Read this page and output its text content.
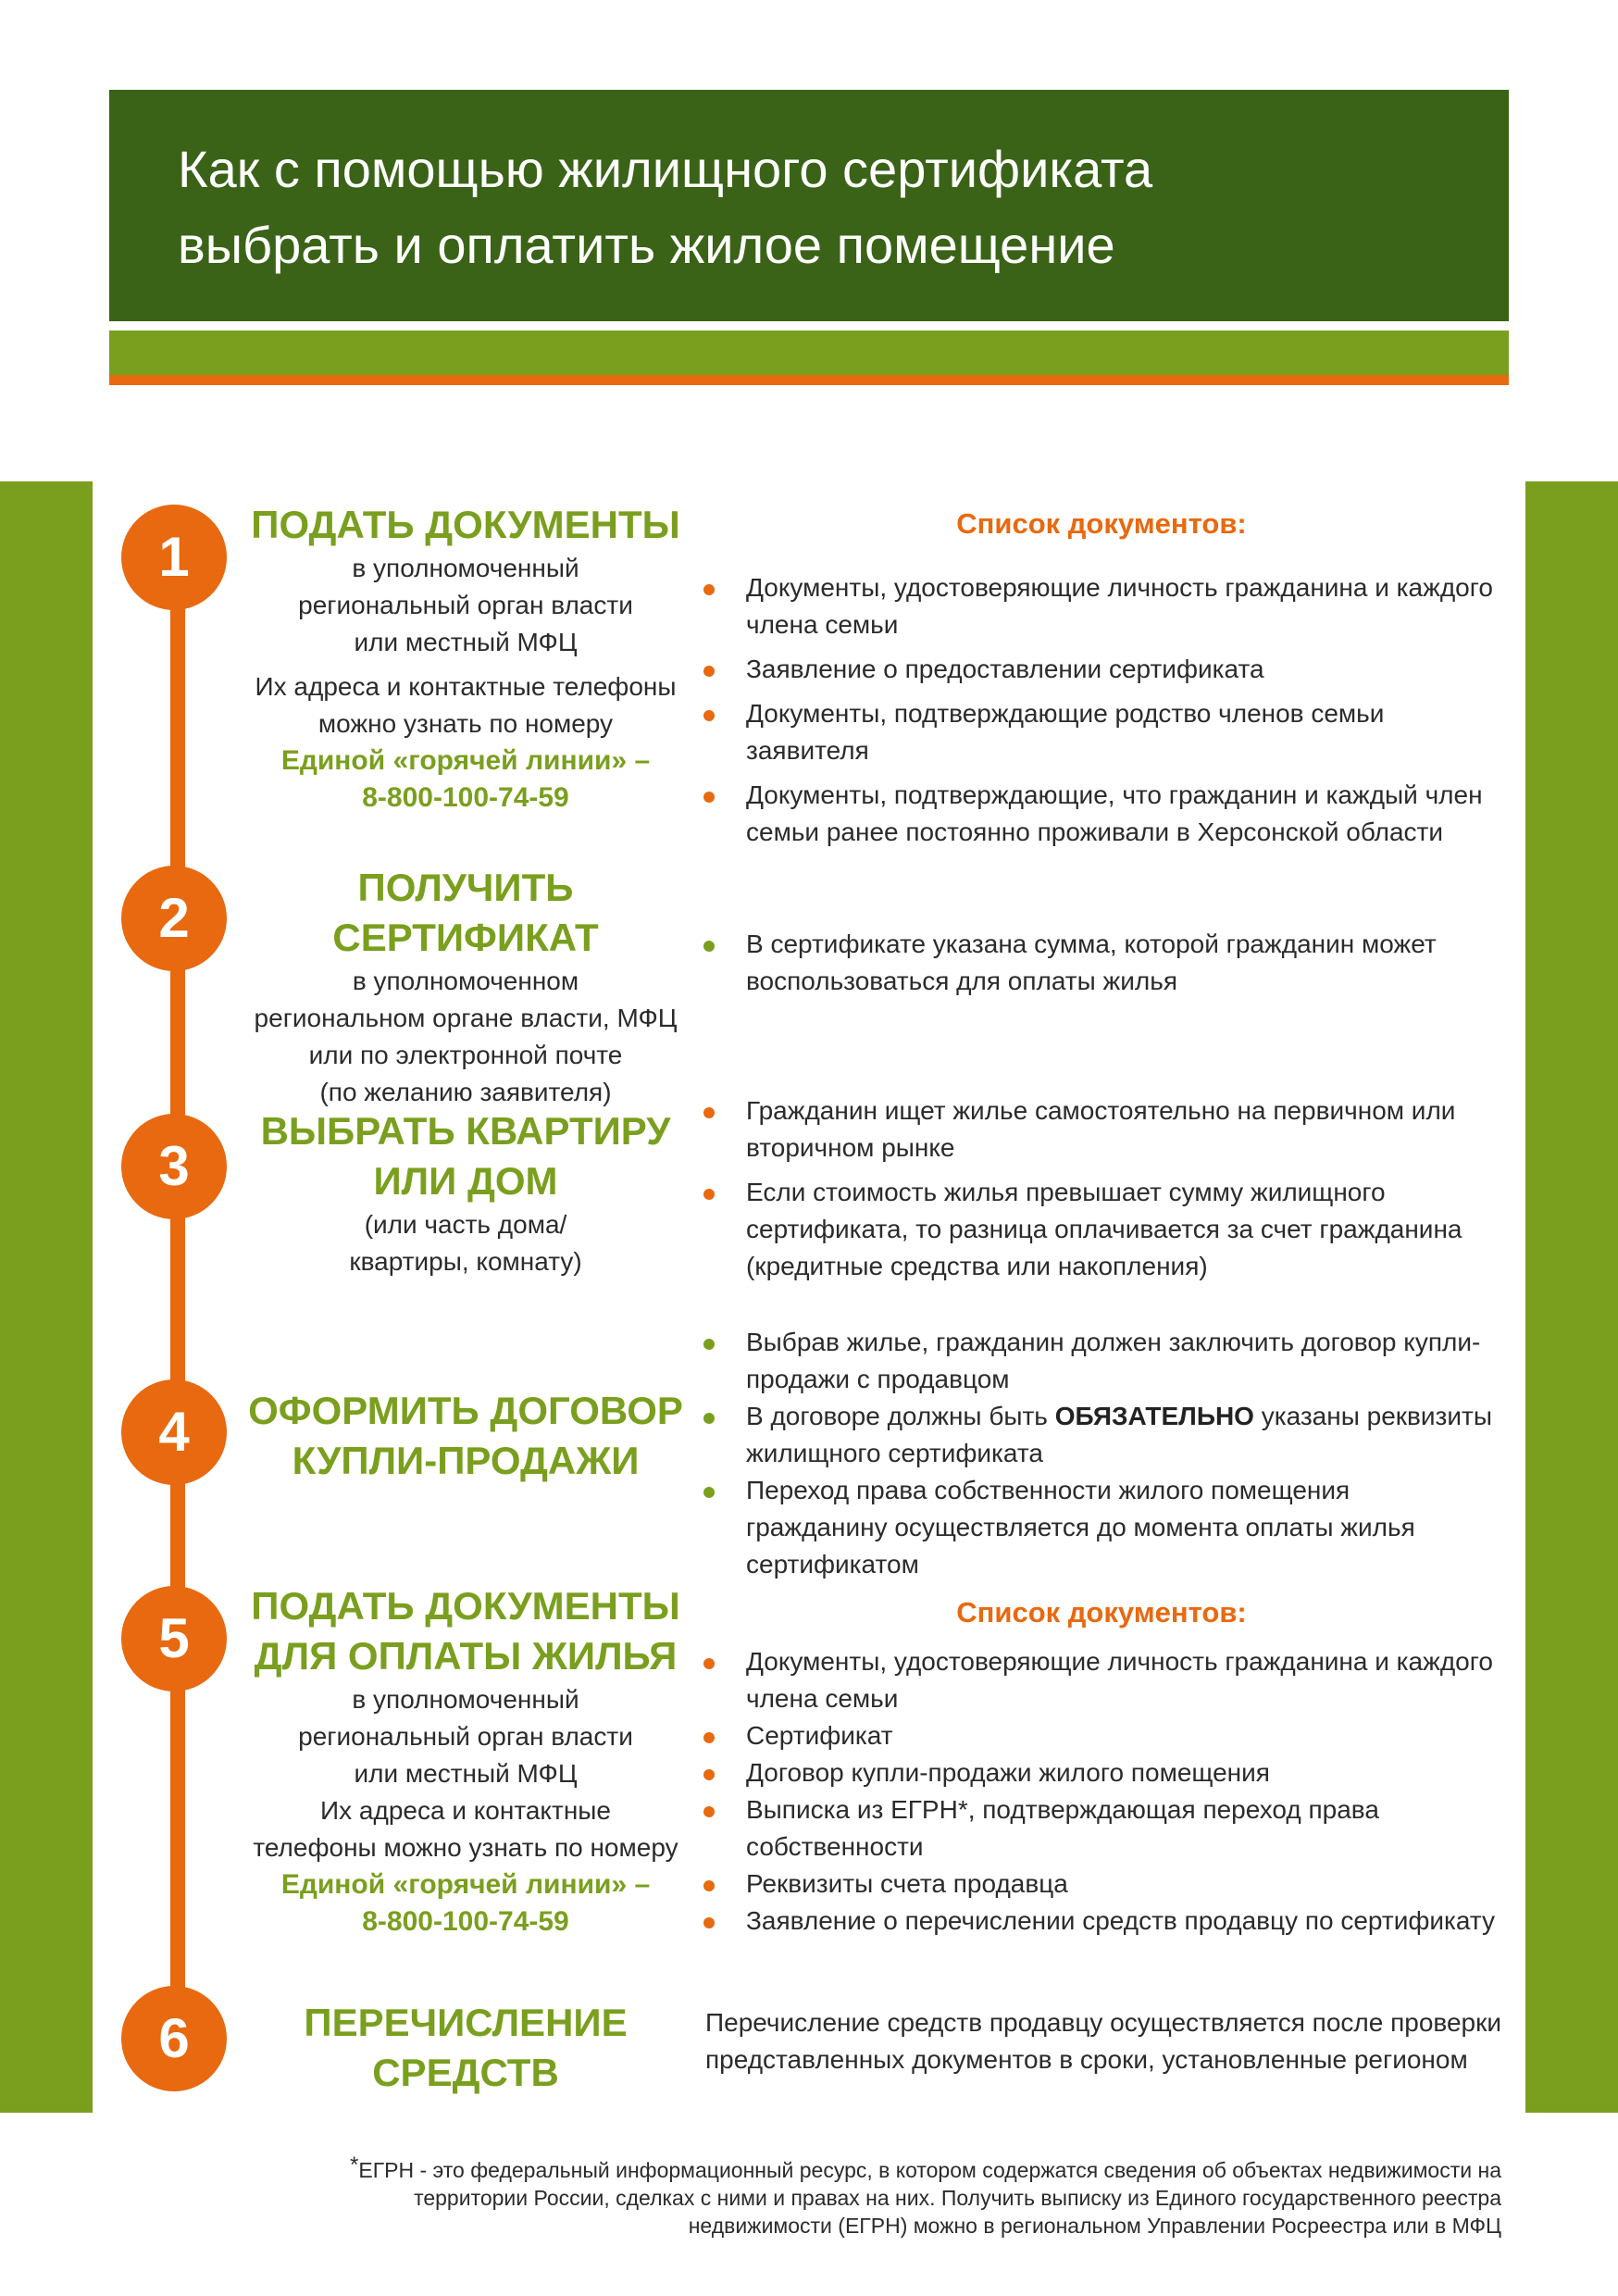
Как с помощью жилищного сертификата
выбрать и оплатить жилое помещение
1
ПОДАТЬ ДОКУМЕНТЫ
в уполномоченный
региональный орган власти
или местный МФЦ
Их адреса и контактные телефоны
можно узнать по номеру
Единой «горячей линии» –
8-800-100-74-59
Список документов:
Документы, удостоверяющие личность гражданина и каждого члена семьи
Заявление о предоставлении сертификата
Документы, подтверждающие родство членов семьи заявителя
Документы, подтверждающие, что гражданин и каждый член семьи ранее постоянно проживали в Херсонской области
2	ПОЛУЧИТЬ СЕРТИФИКАТ
в уполномоченном
региональном органе власти, МФЦ
или по электронной почте
(по желанию заявителя)
В сертификате указана сумма, которой гражданин может воспользоваться для оплаты жилья
3
ВЫБРАТЬ КВАРТИРУ
ИЛИ ДОМ
(или часть дома/
квартиры, комнату)
Гражданин ищет жилье самостоятельно на первичном или вторичном рынке
Если стоимость жилья превышает сумму жилищного сертификата, то разница оплачивается за счет гражданина (кредитные средства или накопления)
4	ОФОРМИТЬ ДОГОВОР
КУПЛИ-ПРОДАЖИ
Выбрав жилье, гражданин должен заключить договор купли-продажи с продавцом
В договоре должны быть ОБЯЗАТЕЛЬНО указаны реквизиты жилищного сертификата
Переход права собственности жилого помещения гражданину осуществляется до момента оплаты жилья сертификатом
5
ПОДАТЬ ДОКУМЕНТЫ
ДЛЯ ОПЛАТЫ ЖИЛЬЯ
в уполномоченный
региональный орган власти
или местный МФЦ
Их адреса и контактные
телефоны можно узнать по номеру
Единой «горячей линии» –
8-800-100-74-59
Список документов:
Документы, удостоверяющие личность гражданина и каждого члена семьи
Сертификат
Договор купли-продажи жилого помещения
Выписка из ЕГРН*, подтверждающая переход права собственности
Реквизиты счета продавца
Заявление о перечислении средств продавцу по сертификату
6	ПЕРЕЧИСЛЕНИЕ
СРЕДСТВ
Перечисление средств продавцу осуществляется после проверки
представленных документов в сроки, установленные регионом
*ЕГРН - это федеральный информационный ресурс, в котором содержатся сведения об объектах недвижимости на
территории России, сделках с ними и правах на них. Получить выписку из Единого государственного реестра
недвижимости (ЕГРН) можно в региональном Управлении Росреестра или в МФЦ
